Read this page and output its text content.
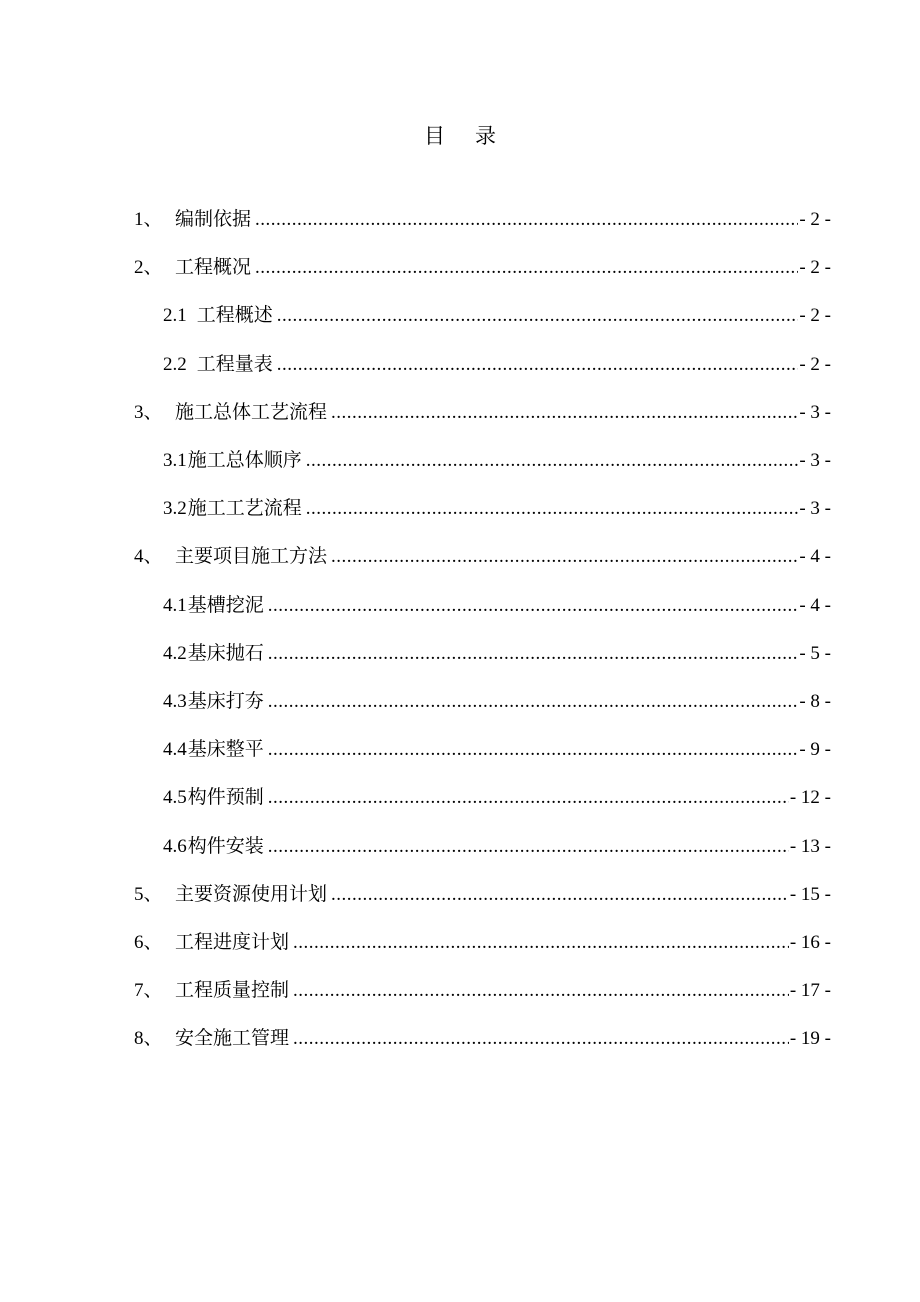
目 录
1、 编制依据 .....	- 2 -
2、 工程概况 .....	- 2 -
2.1 工程概述 .....	- 2 -
2.2 工程量表 .....	- 2 -
3、 施工总体工艺流程 .....	- 3 -
3.1 施工总体顺序 .....	- 3 -
3.2 施工工艺流程 .....	- 3 -
4、 主要项目施工方法 .....	- 4 -
4.1 基槽挖泥 .....	- 4 -
4.2 基床抛石 .....	- 5 -
4.3 基床打夯 .....	- 8 -
4.4 基床整平 .....	- 9 -
4.5 构件预制 .....	- 12 -
4.6 构件安装 .....	- 13 -
5、 主要资源使用计划 .....	- 15 -
6、 工程进度计划 .....	- 16 -
7、 工程质量控制 .....	- 17 -
8、 安全施工管理 .....	- 19 -
